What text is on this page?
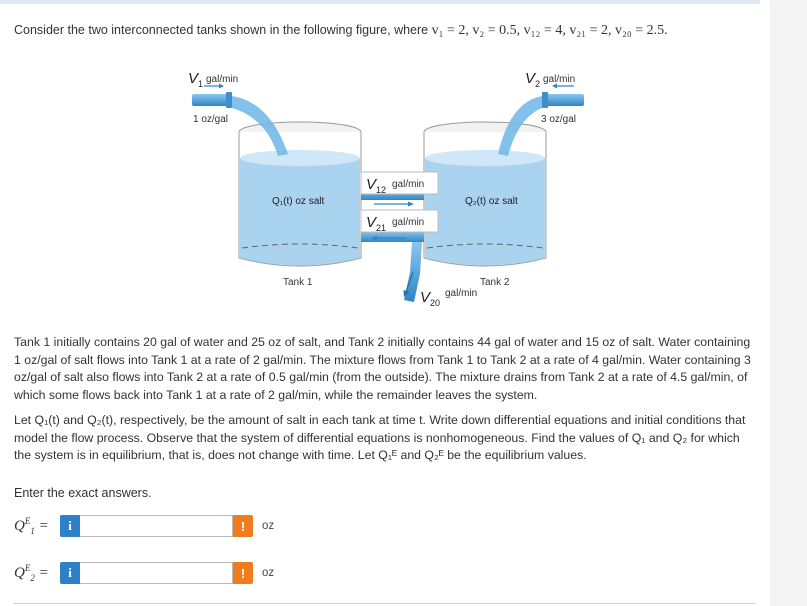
Consider the two interconnected tanks shown in the following figure, where v₁ = 2, v₂ = 0.5, v₁₂ = 4, v₂₁ = 2, v₂₀ = 2.5.
V 1 gal/min
1 oz/gal
V 2 gal/min
3 oz/gal
Q₁(t) oz salt	Q₂(t) oz salt
Tank 1	Tank 2
V 12 gal/min
V 21 gal/min
V 20
gal/min
Tank 1 initially contains 20 gal of water and 25 oz of salt, and Tank 2 initially contains 44 gal of water and 15 oz of salt. Water containing 1 oz/gal of salt flows into Tank 1 at a rate of 2 gal/min. The mixture flows from Tank 1 to Tank 2 at a rate of 4 gal/min. Water containing 3 oz/gal of salt also flows into Tank 2 at a rate of 0.5 gal/min (from the outside). The mixture drains from Tank 2 at a rate of 4.5 gal/min, of which some flows back into Tank 1 at a rate of 2 gal/min, while the remainder leaves the system.
Let Q₁(t) and Q₂(t), respectively, be the amount of salt in each tank at time t. Write down differential equations and initial conditions that model the flow process. Observe that the system of differential equations is nonhomogeneous. Find the values of Q₁ and Q₂ for which the system is in equilibrium, that is, does not change with time. Let Q₁ᴱ and Q₂ᴱ be the equilibrium values.
Enter the exact answers.
$Q^E_1$ =	i	!	oz
$Q^E_2$ =	i	!	oz
